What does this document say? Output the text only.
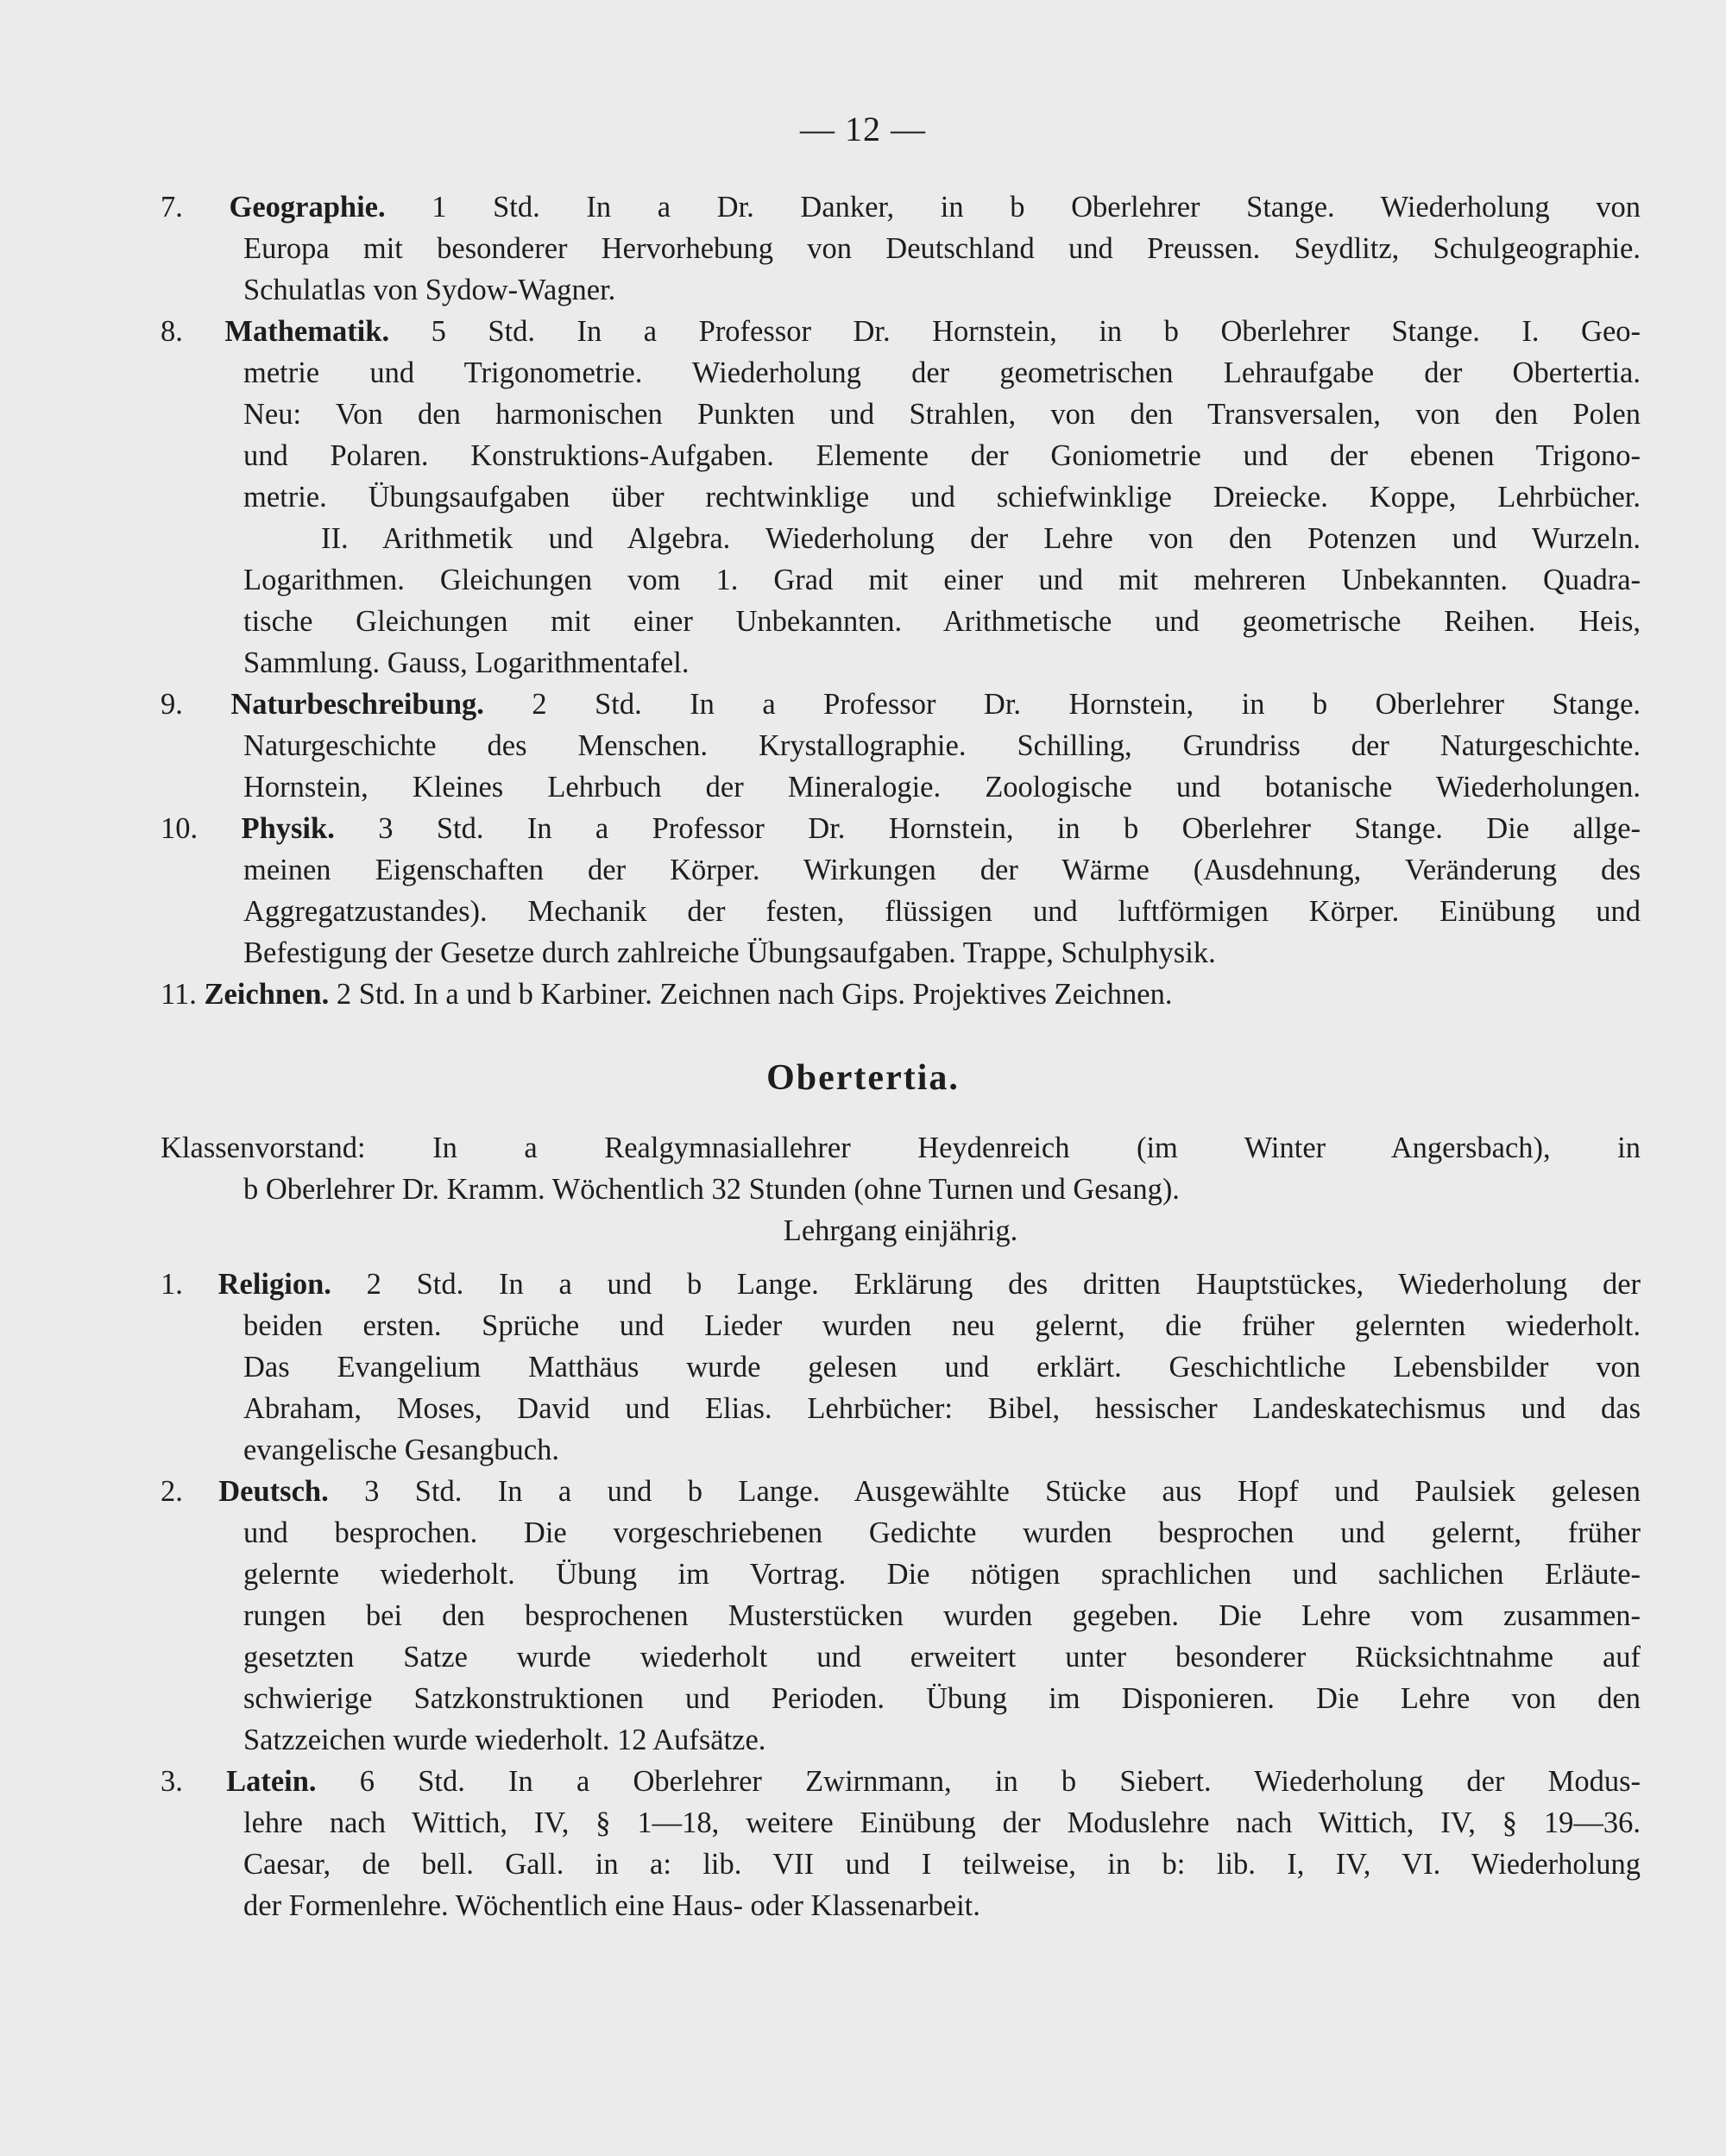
— 12 —
7. Geographie. 1 Std. In a Dr. Danker, in b Oberlehrer Stange. Wiederholung von
Europa mit besonderer Hervorhebung von Deutschland und Preussen. Seydlitz, Schulgeographie.
Schulatlas von Sydow-Wagner.
8. Mathematik. 5 Std. In a Professor Dr. Hornstein, in b Oberlehrer Stange. I. Geo-
metrie und Trigonometrie. Wiederholung der geometrischen Lehraufgabe der Obertertia.
Neu: Von den harmonischen Punkten und Strahlen, von den Transversalen, von den Polen
und Polaren. Konstruktions-Aufgaben. Elemente der Goniometrie und der ebenen Trigono-
metrie. Übungsaufgaben über rechtwinklige und schiefwinklige Dreiecke. Koppe, Lehrbücher.
II. Arithmetik und Algebra. Wiederholung der Lehre von den Potenzen und Wurzeln.
Logarithmen. Gleichungen vom 1. Grad mit einer und mit mehreren Unbekannten. Quadra-
tische Gleichungen mit einer Unbekannten. Arithmetische und geometrische Reihen. Heis,
Sammlung. Gauss, Logarithmentafel.
9. Naturbeschreibung. 2 Std. In a Professor Dr. Hornstein, in b Oberlehrer Stange.
Naturgeschichte des Menschen. Krystallographie. Schilling, Grundriss der Naturgeschichte.
Hornstein, Kleines Lehrbuch der Mineralogie. Zoologische und botanische Wiederholungen.
10. Physik. 3 Std. In a Professor Dr. Hornstein, in b Oberlehrer Stange. Die allge-
meinen Eigenschaften der Körper. Wirkungen der Wärme (Ausdehnung, Veränderung des
Aggregatzustandes). Mechanik der festen, flüssigen und luftförmigen Körper. Einübung und
Befestigung der Gesetze durch zahlreiche Übungsaufgaben. Trappe, Schulphysik.
11. Zeichnen. 2 Std. In a und b Karbiner. Zeichnen nach Gips. Projektives Zeichnen.
Obertertia.
Klassenvorstand: In a Realgymnasiallehrer Heydenreich (im Winter Angersbach), in
b Oberlehrer Dr. Kramm. Wöchentlich 32 Stunden (ohne Turnen und Gesang).
Lehrgang einjährig.
1. Religion. 2 Std. In a und b Lange. Erklärung des dritten Hauptstückes, Wiederholung der
beiden ersten. Sprüche und Lieder wurden neu gelernt, die früher gelernten wiederholt.
Das Evangelium Matthäus wurde gelesen und erklärt. Geschichtliche Lebensbilder von
Abraham, Moses, David und Elias. Lehrbücher: Bibel, hessischer Landeskatechismus und das
evangelische Gesangbuch.
2. Deutsch. 3 Std. In a und b Lange. Ausgewählte Stücke aus Hopf und Paulsiek gelesen
und besprochen. Die vorgeschriebenen Gedichte wurden besprochen und gelernt, früher
gelernte wiederholt. Übung im Vortrag. Die nötigen sprachlichen und sachlichen Erläute-
rungen bei den besprochenen Musterstücken wurden gegeben. Die Lehre vom zusammen-
gesetzten Satze wurde wiederholt und erweitert unter besonderer Rücksichtnahme auf
schwierige Satzkonstruktionen und Perioden. Übung im Disponieren. Die Lehre von den
Satzzeichen wurde wiederholt. 12 Aufsätze.
3. Latein. 6 Std. In a Oberlehrer Zwirnmann, in b Siebert. Wiederholung der Modus-
lehre nach Wittich, IV, § 1—18, weitere Einübung der Moduslehre nach Wittich, IV, § 19—36.
Caesar, de bell. Gall. in a: lib. VII und I teilweise, in b: lib. I, IV, VI. Wiederholung
der Formenlehre. Wöchentlich eine Haus- oder Klassenarbeit.
